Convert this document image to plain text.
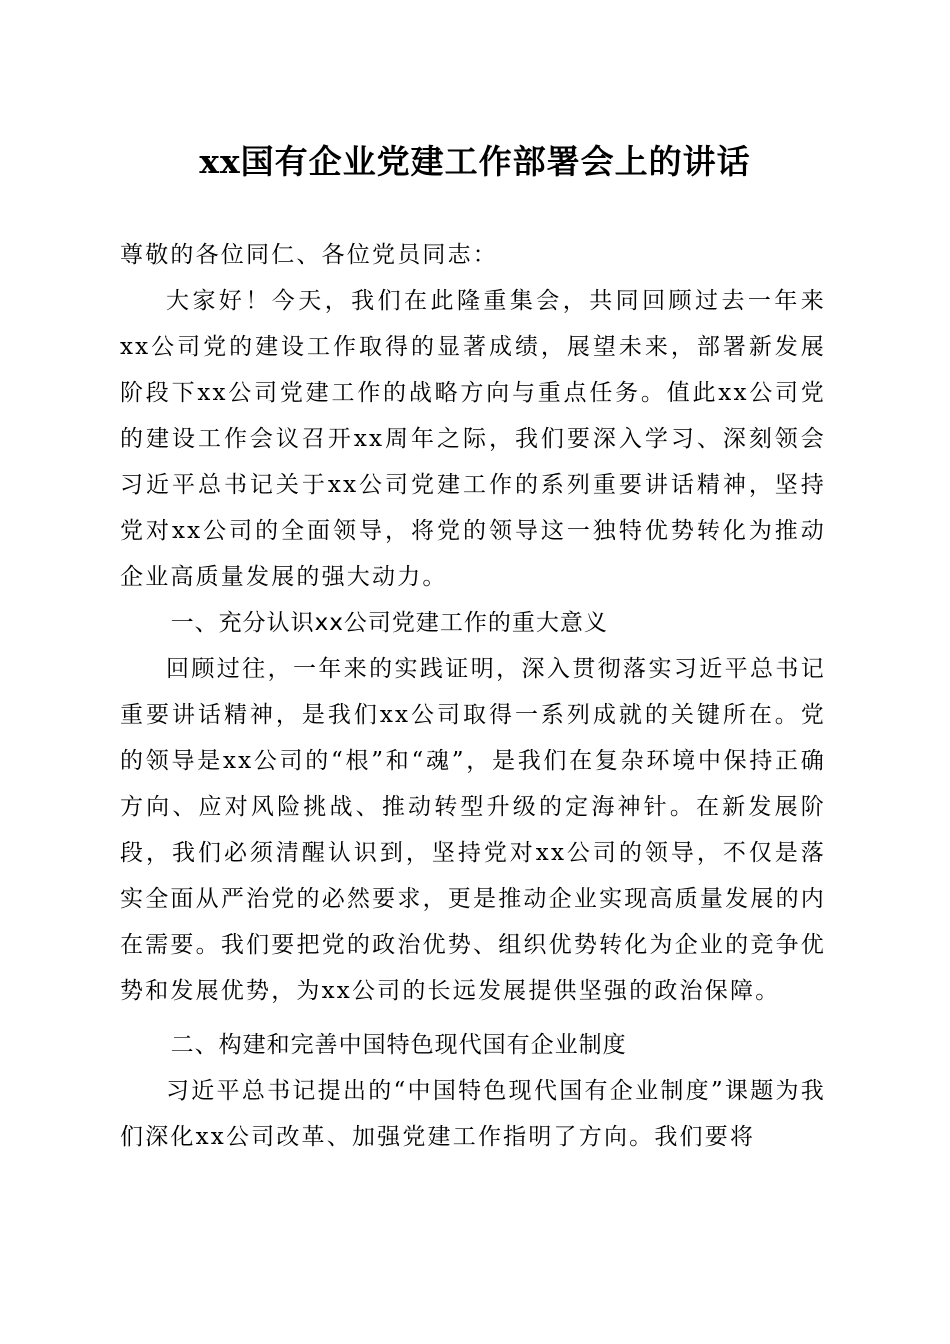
xx国有企业党建工作部署会上的讲话

尊敬的各位同仁、各位党员同志：

大家好！今天，我们在此隆重集会，共同回顾过去一年来xx公司党的建设工作取得的显著成绩，展望未来，部署新发展阶段下xx公司党建工作的战略方向与重点任务。值此xx公司党的建设工作会议召开xx周年之际，我们要深入学习、深刻领会习近平总书记关于xx公司党建工作的系列重要讲话精神，坚持党对xx公司的全面领导，将党的领导这一独特优势转化为推动企业高质量发展的强大动力。

一、充分认识xx公司党建工作的重大意义

回顾过往，一年来的实践证明，深入贯彻落实习近平总书记重要讲话精神，是我们xx公司取得一系列成就的关键所在。党的领导是xx公司的“根”和“魂”，是我们在复杂环境中保持正确方向、应对风险挑战、推动转型升级的定海神针。在新发展阶段，我们必须清醒认识到，坚持党对xx公司的领导，不仅是落实全面从严治党的必然要求，更是推动企业实现高质量发展的内在需要。我们要把党的政治优势、组织优势转化为企业的竞争优势和发展优势，为xx公司的长远发展提供坚强的政治保障。

二、构建和完善中国特色现代国有企业制度

习近平总书记提出的“中国特色现代国有企业制度”课题为我们深化xx公司改革、加强党建工作指明了方向。我们要将
